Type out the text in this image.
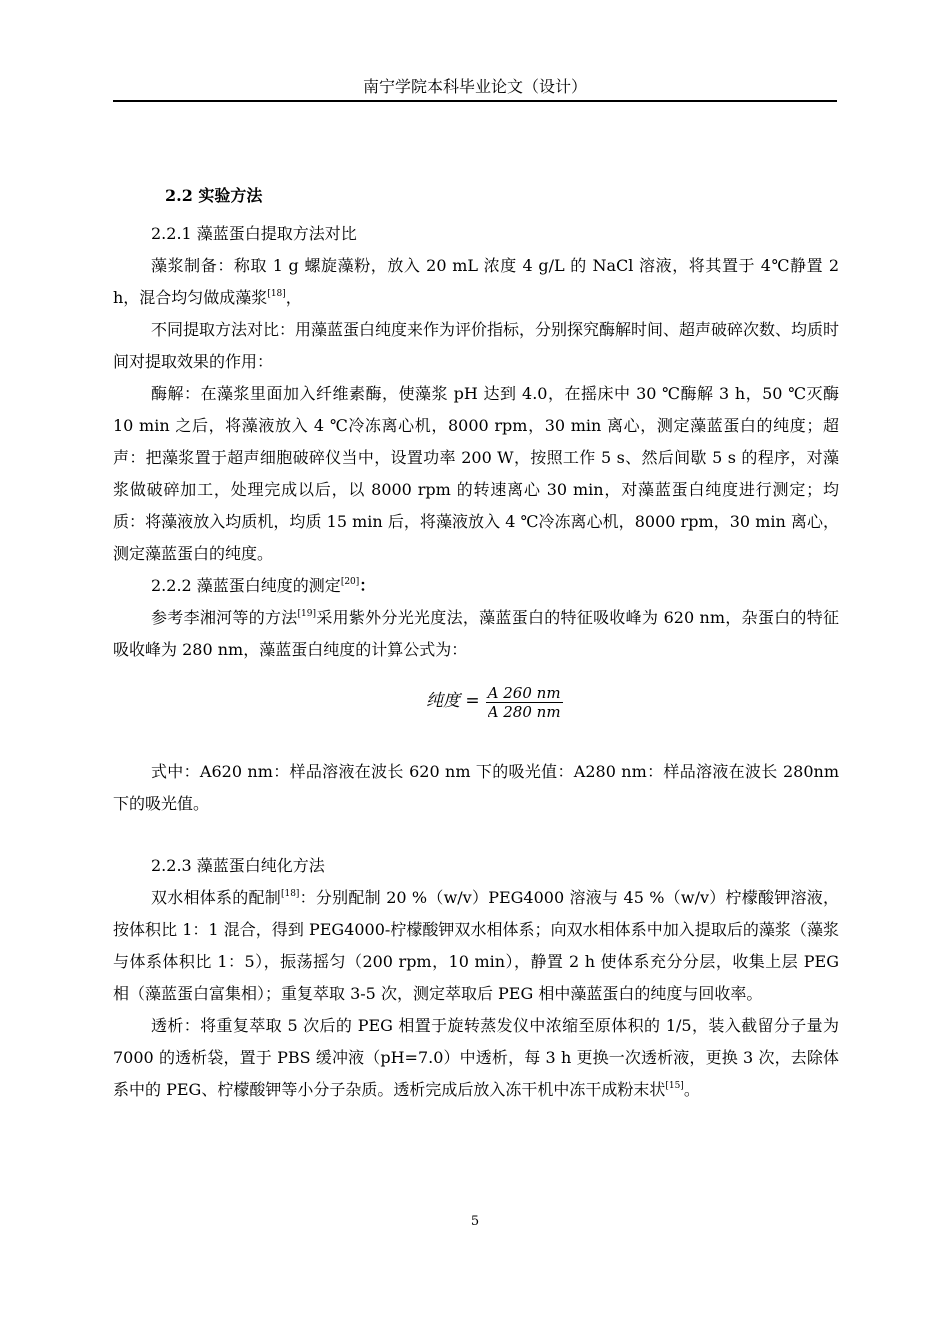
南宁学院本科毕业论文（设计）
2.2 实验方法
2.2.1 藻蓝蛋白提取方法对比

藻浆制备：称取 1 g 螺旋藻粉，放入 20 mL 浓度 4 g/L 的 NaCl 溶液，将其置于 4℃静置 2 h，混合均匀做成藻浆[18]，

不同提取方法对比：用藻蓝蛋白纯度来作为评价指标，分别探究酶解时间、超声破碎次数、均质时间对提取效果的作用：

酶解：在藻浆里面加入纤维素酶，使藻浆 pH 达到 4.0，在摇床中 30 ℃酶解 3 h，50 ℃灭酶 10 min 之后，将藻液放入 4 ℃冷冻离心机，8000 rpm，30 min 离心，测定藻蓝蛋白的纯度；超声：把藻浆置于超声细胞破碎仪当中，设置功率 200 W，按照工作 5 s、然后间歇 5 s 的程序，对藻浆做破碎加工，处理完成以后，以 8000 rpm 的转速离心 30 min，对藻蓝蛋白纯度进行测定；均质：将藻液放入均质机，均质 15 min 后，将藻液放入 4 ℃冷冻离心机，8000 rpm，30 min 离心，测定藻蓝蛋白的纯度。

2.2.2 藻蓝蛋白纯度的测定[20]：

参考李湘河等的方法[19]采用紫外分光光度法，藻蓝蛋白的特征吸收峰为 620 nm，杂蛋白的特征吸收峰为 280 nm，藻蓝蛋白纯度的计算公式为：

纯度 = $\frac{A 260 nm}{A 280 nm}$

式中：A620 nm：样品溶液在波长 620 nm 下的吸光值：A280 nm：样品溶液在波长 280nm 下的吸光值。

2.2.3 藻蓝蛋白纯化方法

双水相体系的配制[18]：分别配制 20 %（w/v）PEG4000 溶液与 45 %（w/v）柠檬酸钾溶液，按体积比 1：1 混合，得到 PEG4000-柠檬酸钾双水相体系；向双水相体系中加入提取后的藻浆（藻浆与体系体积比 1：5），振荡摇匀（200 rpm，10 min），静置 2 h 使体系充分分层，收集上层 PEG 相（藻蓝蛋白富集相）；重复萃取 3-5 次，测定萃取后 PEG 相中藻蓝蛋白的纯度与回收率。

透析：将重复萃取 5 次后的 PEG 相置于旋转蒸发仪中浓缩至原体积的 1/5，装入截留分子量为 7000 的透析袋，置于 PBS 缓冲液（pH=7.0）中透析，每 3 h 更换一次透析液，更换 3 次，去除体系中的 PEG、柠檬酸钾等小分子杂质。透析完成后放入冻干机中冻干成粉末状[15]。

5
